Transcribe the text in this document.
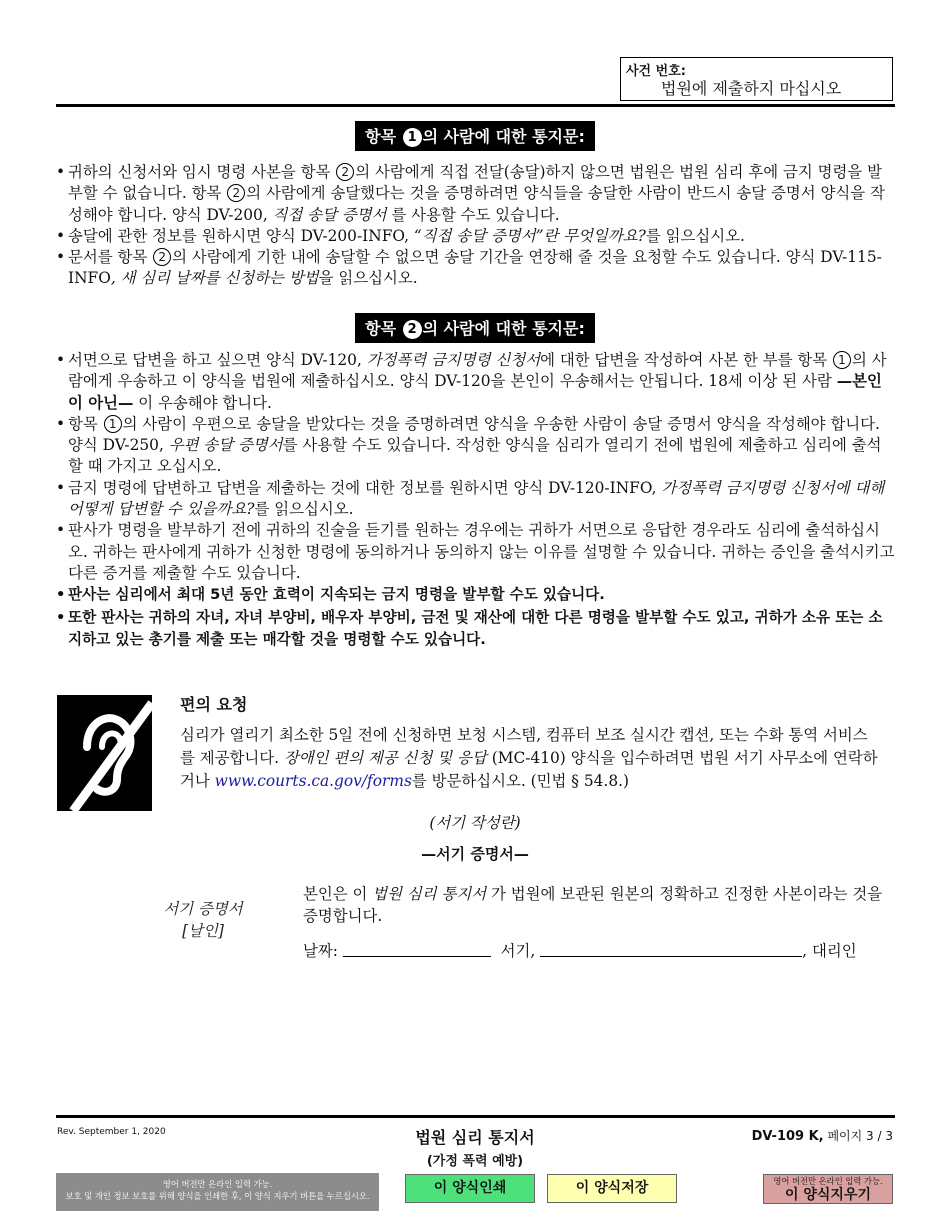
사건 번호:
법원에 제출하지 마십시오
항목 1 의 사람에 대한 통지문:
• 귀하의 신청서와 임시 명령 사본을 항목 2 의 사람에게 직접 전달(송달)하지 않으면 법원은 법원 심리 후에 금지 명령을 발부할 수 없습니다. 항목 2 의 사람에게 송달했다는 것을 증명하려면 양식들을 송달한 사람이 반드시 송달 증명서 양식을 작성해야 합니다. 양식 DV-200, 직접 송달 증명서 를 사용할 수도 있습니다.
• 송달에 관한 정보를 원하시면 양식 DV-200-INFO, “직접 송달 증명서”란 무엇일까요?를 읽으십시오.
• 문서를 항목 2 의 사람에게 기한 내에 송달할 수 없으면 송달 기간을 연장해 줄 것을 요청할 수도 있습니다. 양식 DV-115-INFO, 새 심리 날짜를 신청하는 방법을 읽으십시오.
항목 2 의 사람에 대한 통지문:
• 서면으로 답변을 하고 싶으면 양식 DV-120, 가정폭력 금지명령 신청서에 대한 답변을 작성하여 사본 한 부를 항목 1 의 사람에게 우송하고 이 양식을 법원에 제출하십시오. 양식 DV-120을 본인이 우송해서는 안됩니다. 18세 이상 된 사람 —본인이 아닌— 이 우송해야 합니다.
• 항목 1 의 사람이 우편으로 송달을 받았다는 것을 증명하려면 양식을 우송한 사람이 송달 증명서 양식을 작성해야 합니다. 양식 DV-250, 우편 송달 증명서를 사용할 수도 있습니다. 작성한 양식을 심리가 열리기 전에 법원에 제출하고 심리에 출석할 때 가지고 오십시오.
• 금지 명령에 답변하고 답변을 제출하는 것에 대한 정보를 원하시면 양식 DV-120-INFO, 가정폭력 금지명령 신청서에 대해 어떻게 답변할 수 있을까요?를 읽으십시오.
• 판사가 명령을 발부하기 전에 귀하의 진술을 듣기를 원하는 경우에는 귀하가 서면으로 응답한 경우라도 심리에 출석하십시오. 귀하는 판사에게 귀하가 신청한 명령에 동의하거나 동의하지 않는 이유를 설명할 수 있습니다. 귀하는 증인을 출석시키고 다른 증거를 제출할 수도 있습니다.
• 판사는 심리에서 최대 5년 동안 효력이 지속되는 금지 명령을 발부할 수도 있습니다.
• 또한 판사는 귀하의 자녀, 자녀 부양비, 배우자 부양비, 금전 및 재산에 대한 다른 명령을 발부할 수도 있고, 귀하가 소유 또는 소지하고 있는 총기를 제출 또는 매각할 것을 명령할 수도 있습니다.
편의 요청
심리가 열리기 최소한 5일 전에 신청하면 보청 시스템, 컴퓨터 보조 실시간 캡션, 또는 수화 통역 서비스를 제공합니다. 장애인 편의 제공 신청 및 응답 (MC-410) 양식을 입수하려면 법원 서기 사무소에 연락하거나 www.courts.ca.gov/forms를 방문하십시오. (민법 § 54.8.)
(서기 작성란)
—서기 증명서—
서기 증명서
[날인]
본인은 이 법원 심리 통지서 가 법원에 보관된 원본의 정확하고 진정한 사본이라는 것을 증명합니다.
날짜:	서기,	, 대리인
Rev. September 1, 2020	법원 심리 통지서
(가정 폭력 예방)
DV-109 K, 페이지 3 / 3
영어 버전만 온라인 입력 가능.
보호 및 개인 정보 보호를 위해 양식을 인쇄한 후, 이 양식 지우기 버튼을 누르십시오.	이 양식인쇄	이 양식저장	영어 버전만 온라인 입력 가능.
이 양식지우기
